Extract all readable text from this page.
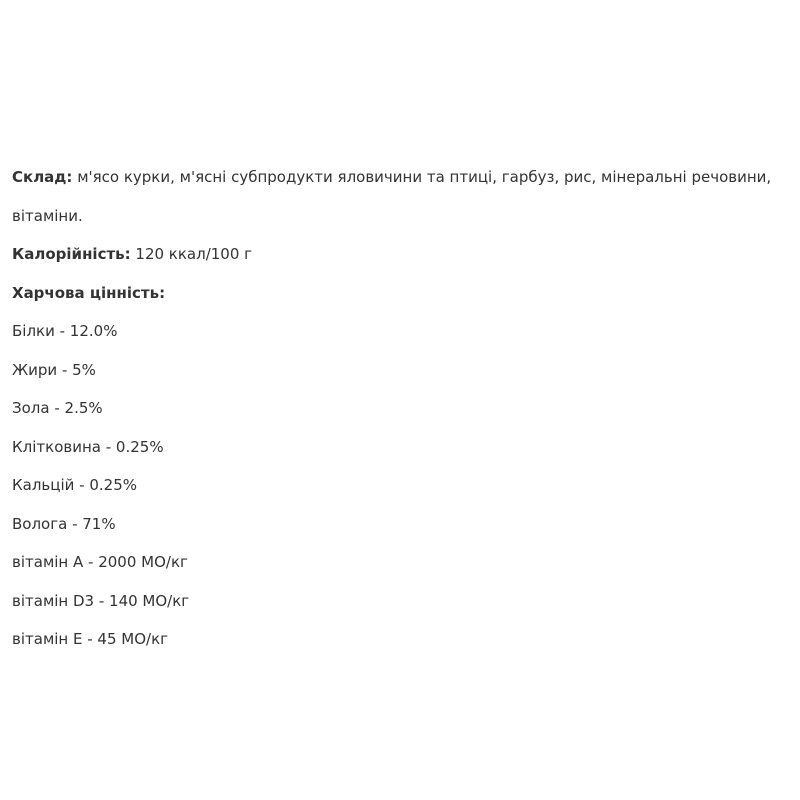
Склад: м'ясо курки, м'ясні субпродукти яловичини та птиці, гарбуз, рис, мінеральні речовини, вітаміни.
Калорійність: 120 ккал/100 г
Харчова цінність:
Білки - 12.0%
Жири - 5%
Зола - 2.5%
Клітковина - 0.25%
Кальцій - 0.25%
Волога - 71%
вітамін A - 2000 МО/кг
вітамін D3 - 140 МО/кг
вітамін E - 45 МО/кг
